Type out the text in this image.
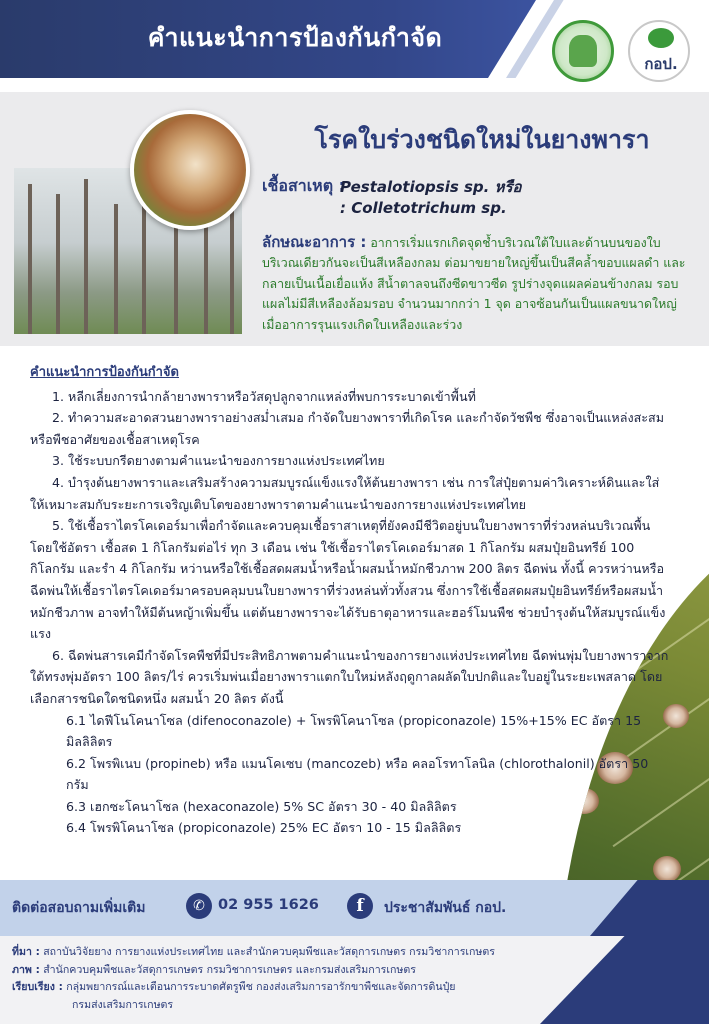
คำแนะนำการป้องกันกำจัด
กอป.
โรคใบร่วงชนิดใหม่ในยางพารา
เชื้อสาเหตุ :
Pestalotiopsis sp. หรือ
: Colletotrichum sp.
ลักษณะอาการ : อาการเริ่มแรกเกิดจุดช้ำบริเวณใต้ใบและด้านบนของใบบริเวณเดียวกันจะเป็นสีเหลืองกลม ต่อมาขยายใหญ่ขึ้นเป็นสีคล้ำขอบแผลดำ และกลายเป็นเนื้อเยื่อแห้ง สีน้ำตาลจนถึงซีดขาวซีด รูปร่างจุดแผลค่อนข้างกลม รอบแผลไม่มีสีเหลืองล้อมรอบ จำนวนมากกว่า 1 จุด อาจซ้อนกันเป็นแผลขนาดใหญ่ เมื่ออาการรุนแรงเกิดใบเหลืองและร่วง
คำแนะนำการป้องกันกำจัด
1. หลีกเลี่ยงการนำกล้ายางพาราหรือวัสดุปลูกจากแหล่งที่พบการระบาดเข้าพื้นที่
2. ทำความสะอาดสวนยางพาราอย่างสม่ำเสมอ กำจัดใบยางพาราที่เกิดโรค และกำจัดวัชพืช ซึ่งอาจเป็นแหล่งสะสมหรือพืชอาศัยของเชื้อสาเหตุโรค
3. ใช้ระบบกรีดยางตามคำแนะนำของการยางแห่งประเทศไทย
4. บำรุงต้นยางพาราและเสริมสร้างความสมบูรณ์แข็งแรงให้ต้นยางพารา เช่น การใส่ปุ๋ยตามค่าวิเคราะห์ดินและใส่ให้เหมาะสมกับระยะการเจริญเติบโตของยางพาราตามคำแนะนำของการยางแห่งประเทศไทย
5. ใช้เชื้อราไตรโคเดอร์มาเพื่อกำจัดและควบคุมเชื้อราสาเหตุที่ยังคงมีชีวิตอยู่บนใบยางพาราที่ร่วงหล่นบริเวณพื้น โดยใช้อัตรา เชื้อสด 1 กิโลกรัมต่อไร่ ทุก 3 เดือน เช่น ใช้เชื้อราไตรโคเดอร์มาสด 1 กิโลกรัม ผสมปุ๋ยอินทรีย์ 100 กิโลกรัม และรำ 4 กิโลกรัม หว่านหรือใช้เชื้อสดผสมน้ำหรือน้ำผสมน้ำหมักชีวภาพ 200 ลิตร ฉีดพ่น ทั้งนี้ ควรหว่านหรือฉีดพ่นให้เชื้อราไตรโคเดอร์มาครอบคลุมบนใบยางพาราที่ร่วงหล่นทั่วทั้งสวน ซึ่งการใช้เชื้อสดผสมปุ๋ยอินทรีย์หรือผสมน้ำหมักชีวภาพ อาจทำให้มีต้นหญ้าเพิ่มขึ้น แต่ต้นยางพาราจะได้รับธาตุอาหารและฮอร์โมนพืช ช่วยบำรุงต้นให้สมบูรณ์แข็งแรง
6. ฉีดพ่นสารเคมีกำจัดโรคพืชที่มีประสิทธิภาพตามคำแนะนำของการยางแห่งประเทศไทย ฉีดพ่นพุ่มใบยางพาราจากใต้ทรงพุ่มอัตรา 100 ลิตร/ไร่ ควรเริ่มพ่นเมื่อยางพาราแตกใบใหม่หลังฤดูกาลผลัดใบปกติและใบอยู่ในระยะเพสลาด โดยเลือกสารชนิดใดชนิดหนึ่ง ผสมน้ำ 20 ลิตร ดังนี้
6.1 ไดฟีโนโคนาโซล (difenoconazole) + โพรพิโคนาโซล (propiconazole) 15%+15% EC อัตรา 15 มิลลิลิตร
6.2 โพรพิเนบ (propineb) หรือ แมนโคเซบ (mancozeb) หรือ คลอโรทาโลนิล (chlorothalonil) อัตรา 50 กรัม
6.3 เฮกซะโคนาโซล (hexaconazole) 5% SC อัตรา 30 - 40 มิลลิลิตร
6.4 โพรพิโคนาโซล (propiconazole) 25% EC อัตรา 10 - 15 มิลลิลิตร
ติดต่อสอบถามเพิ่มเติม	✆ 02 955 1626	f	ประชาสัมพันธ์ กอป.
ที่มา : สถาบันวิจัยยาง การยางแห่งประเทศไทย และสำนักควบคุมพืชและวัสดุการเกษตร กรมวิชาการเกษตร
ภาพ : สำนักควบคุมพืชและวัสดุการเกษตร กรมวิชาการเกษตร และกรมส่งเสริมการเกษตร
เรียบเรียง : กลุ่มพยากรณ์และเตือนการระบาดศัตรูพืช กองส่งเสริมการอารักขาพืชและจัดการดินปุ๋ย
กรมส่งเสริมการเกษตร
